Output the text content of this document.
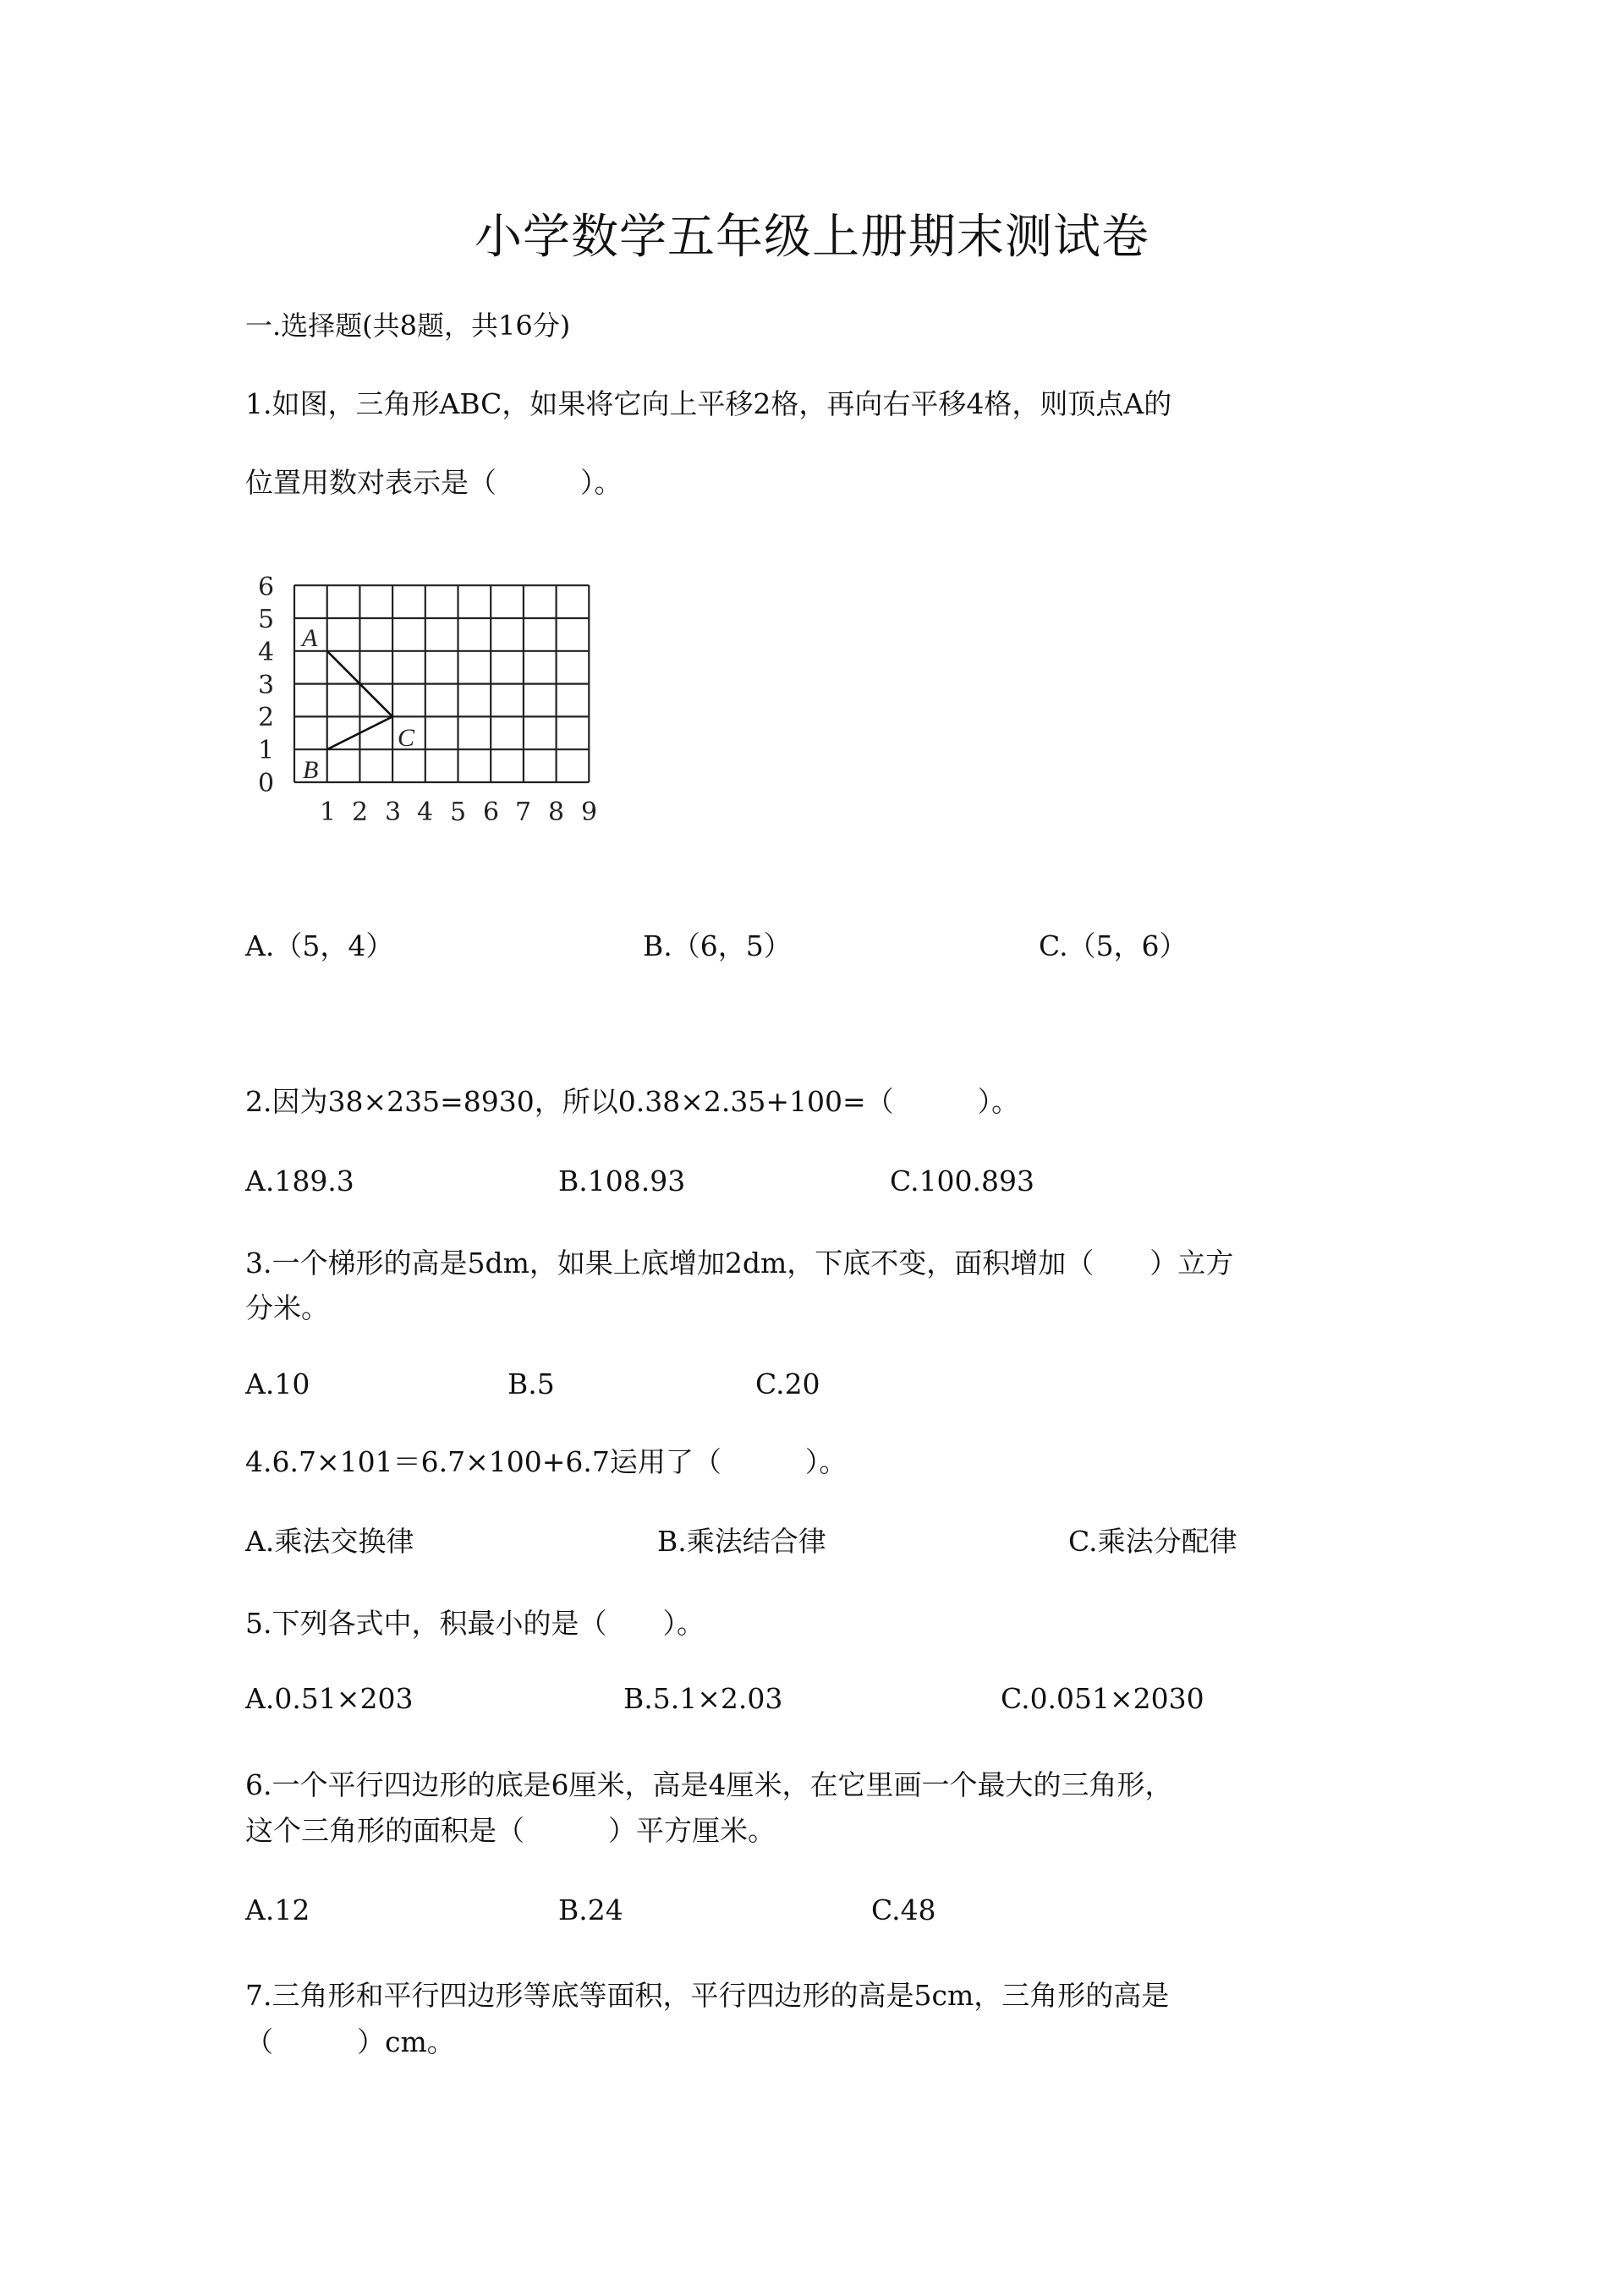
小学数学五年级上册期末测试卷
一.选择题(共8题，共16分)
1.如图，三角形ABC，如果将它向上平移2格，再向右平移4格，则顶点A的
位置用数对表示是（　　　）。
0
1
2
3
4
5
6
1 2 3 4 5 6 7 8 9
A
B
C
A.（5，4）	B.（6，5）	C.（5，6）
2.因为38×235=8930，所以0.38×2.35+100=（　　　）。
A.189.3	B.108.93	C.100.893
3.一个梯形的高是5dm，如果上底增加2dm，下底不变，面积增加（　　）立方
分米。
A.10	B.5	C.20
4.6.7×101＝6.7×100+6.7运用了（　　　）。
A.乘法交换律	B.乘法结合律	C.乘法分配律
5.下列各式中，积最小的是（　　）。
A.0.51×203	B.5.1×2.03	C.0.051×2030
6.一个平行四边形的底是6厘米，高是4厘米，在它里画一个最大的三角形，
这个三角形的面积是（　　　）平方厘米。
A.12	B.24	C.48
7.三角形和平行四边形等底等面积，平行四边形的高是5cm，三角形的高是
（　　　）cm。
